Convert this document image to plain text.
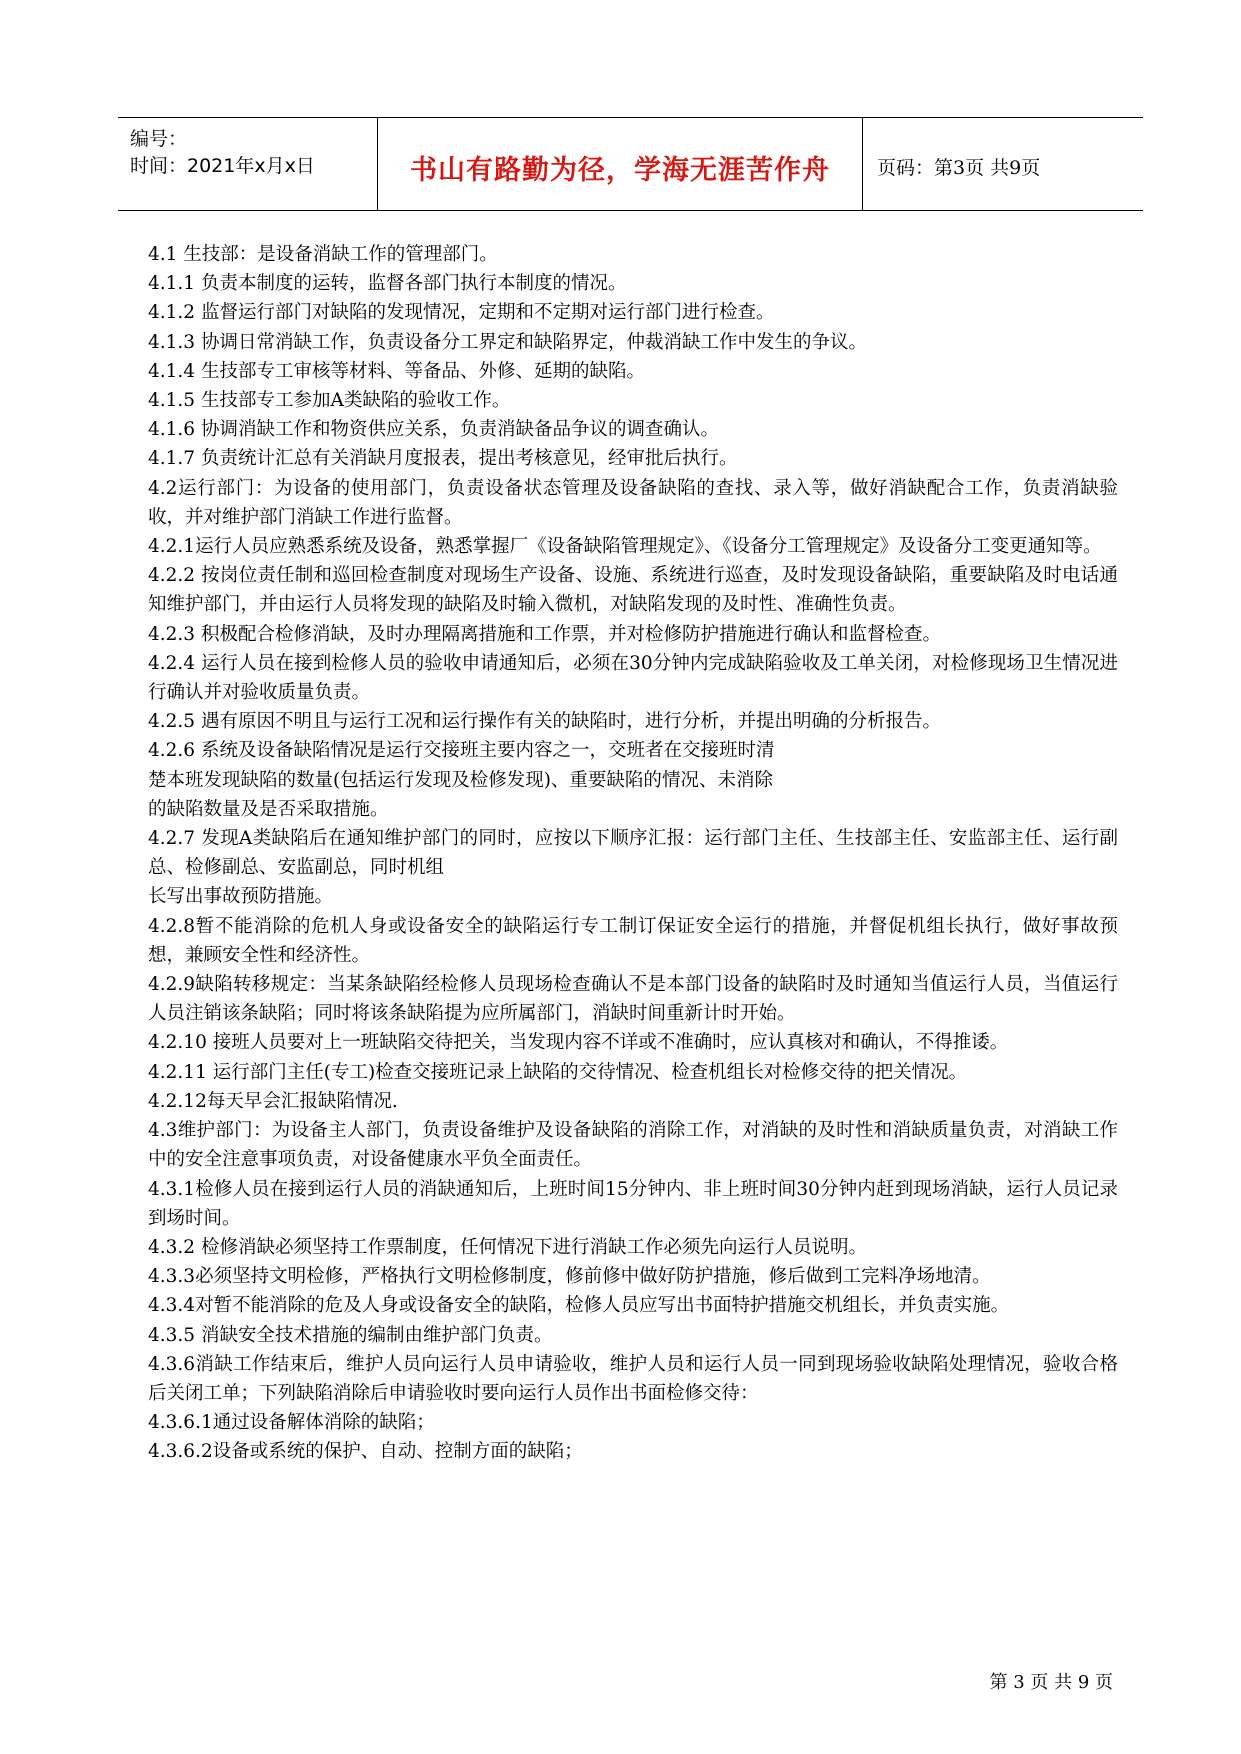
编号：
时间：2021年x月x日	书山有路勤为径，学海无涯苦作舟	页码：第3页 共9页

4.1 生技部：是设备消缺工作的管理部门。

4.1.1 负责本制度的运转，监督各部门执行本制度的情况。

4.1.2 监督运行部门对缺陷的发现情况，定期和不定期对运行部门进行检查。

4.1.3 协调日常消缺工作，负责设备分工界定和缺陷界定，仲裁消缺工作中发生的争议。

4.1.4 生技部专工审核等材料、等备品、外修、延期的缺陷。

4.1.5 生技部专工参加A类缺陷的验收工作。

4.1.6 协调消缺工作和物资供应关系，负责消缺备品争议的调查确认。

4.1.7 负责统计汇总有关消缺月度报表，提出考核意见，经审批后执行。

4.2运行部门：为设备的使用部门，负责设备状态管理及设备缺陷的查找、录入等，做好消缺配合工作，负责消缺验收，并对维护部门消缺工作进行监督。

4.2.1运行人员应熟悉系统及设备，熟悉掌握厂《设备缺陷管理规定》、《设备分工管理规定》及设备分工变更通知等。

4.2.2 按岗位责任制和巡回检查制度对现场生产设备、设施、系统进行巡查，及时发现设备缺陷，重要缺陷及时电话通知维护部门，并由运行人员将发现的缺陷及时输入微机，对缺陷发现的及时性、准确性负责。

4.2.3 积极配合检修消缺，及时办理隔离措施和工作票，并对检修防护措施进行确认和监督检查。

4.2.4 运行人员在接到检修人员的验收申请通知后，必须在30分钟内完成缺陷验收及工单关闭，对检修现场卫生情况进行确认并对验收质量负责。

4.2.5 遇有原因不明且与运行工况和运行操作有关的缺陷时，进行分析，并提出明确的分析报告。

4.2.6 系统及设备缺陷情况是运行交接班主要内容之一，交班者在交接班时清

楚本班发现缺陷的数量(包括运行发现及检修发现)、重要缺陷的情况、未消除

的缺陷数量及是否采取措施。

4.2.7 发现A类缺陷后在通知维护部门的同时，应按以下顺序汇报：运行部门主任、生技部主任、安监部主任、运行副总、检修副总、安监副总，同时机组

长写出事故预防措施。

4.2.8暂不能消除的危机人身或设备安全的缺陷运行专工制订保证安全运行的措施，并督促机组长执行，做好事故预想，兼顾安全性和经济性。

4.2.9缺陷转移规定：当某条缺陷经检修人员现场检查确认不是本部门设备的缺陷时及时通知当值运行人员，当值运行人员注销该条缺陷；同时将该条缺陷提为应所属部门，消缺时间重新计时开始。

4.2.10 接班人员要对上一班缺陷交待把关，当发现内容不详或不准确时，应认真核对和确认，不得推诿。

4.2.11 运行部门主任(专工)检查交接班记录上缺陷的交待情况、检查机组长对检修交待的把关情况。

4.2.12每天早会汇报缺陷情况.

4.3维护部门：为设备主人部门，负责设备维护及设备缺陷的消除工作，对消缺的及时性和消缺质量负责，对消缺工作中的安全注意事项负责，对设备健康水平负全面责任。

4.3.1检修人员在接到运行人员的消缺通知后，上班时间15分钟内、非上班时间30分钟内赶到现场消缺，运行人员记录到场时间。

4.3.2 检修消缺必须坚持工作票制度，任何情况下进行消缺工作必须先向运行人员说明。

4.3.3必须坚持文明检修，严格执行文明检修制度，修前修中做好防护措施，修后做到工完料净场地清。

4.3.4对暂不能消除的危及人身或设备安全的缺陷，检修人员应写出书面特护措施交机组长，并负责实施。

4.3.5 消缺安全技术措施的编制由维护部门负责。

4.3.6消缺工作结束后，维护人员向运行人员申请验收，维护人员和运行人员一同到现场验收缺陷处理情况，验收合格后关闭工单；下列缺陷消除后申请验收时要向运行人员作出书面检修交待：

4.3.6.1通过设备解体消除的缺陷；

4.3.6.2设备或系统的保护、自动、控制方面的缺陷；

第 3 页 共 9 页
